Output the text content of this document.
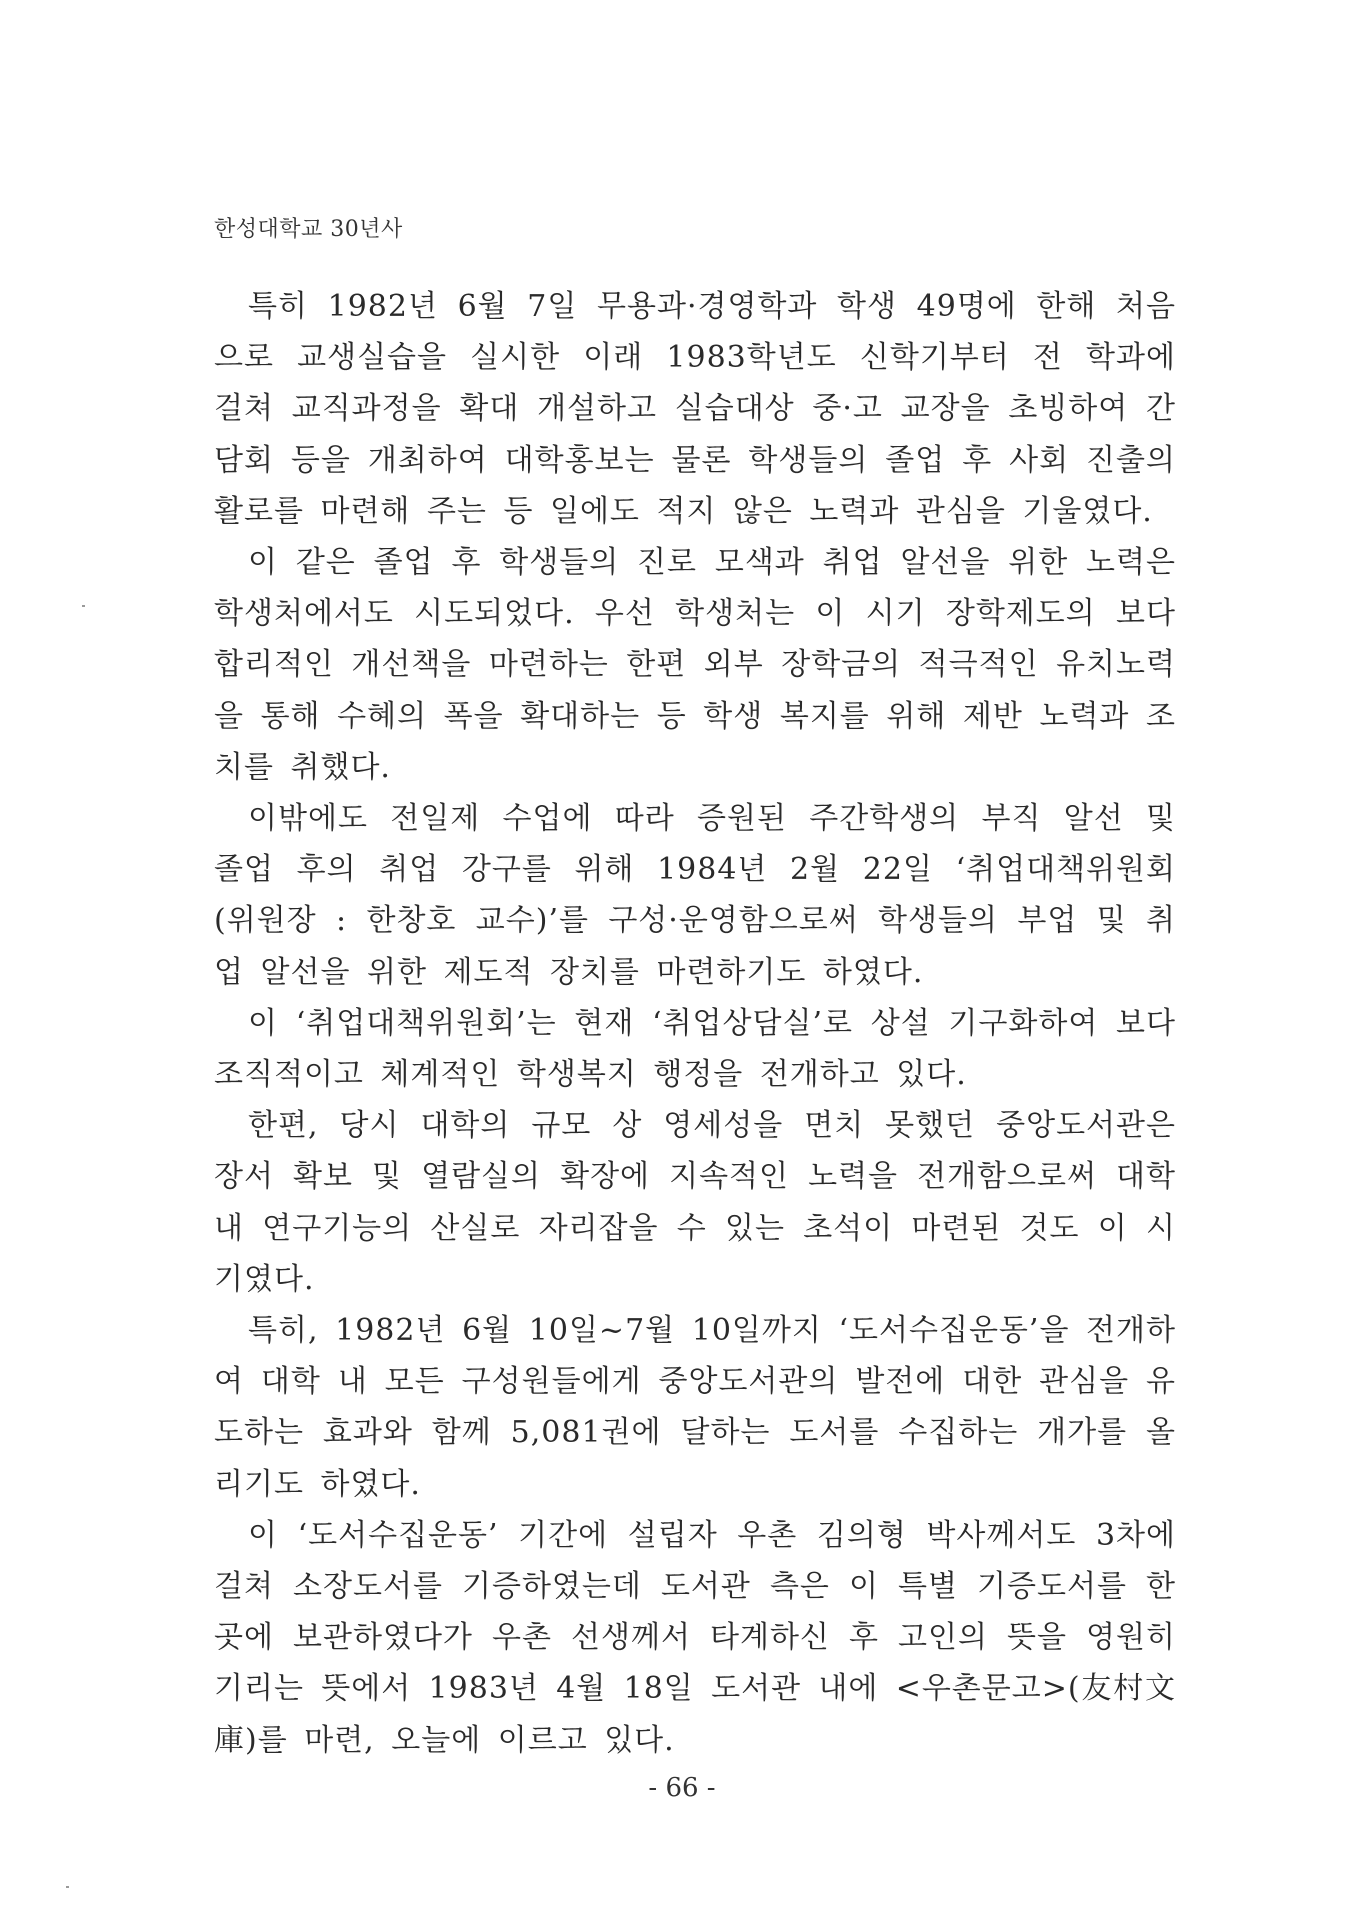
한성대학교 30년사

특히 1982년 6월 7일 무용과·경영학과 학생 49명에 한해 처음으로 교생실습을 실시한 이래 1983학년도 신학기부터 전 학과에 걸쳐 교직과정을 확대 개설하고 실습대상 중·고 교장을 초빙하여 간담회 등을 개최하여 대학홍보는 물론 학생들의 졸업 후 사회 진출의 활로를 마련해 주는 등 일에도 적지 않은 노력과 관심을 기울였다.

이 같은 졸업 후 학생들의 진로 모색과 취업 알선을 위한 노력은 학생처에서도 시도되었다. 우선 학생처는 이 시기 장학제도의 보다 합리적인 개선책을 마련하는 한편 외부 장학금의 적극적인 유치노력을 통해 수혜의 폭을 확대하는 등 학생 복지를 위해 제반 노력과 조치를 취했다.

이밖에도 전일제 수업에 따라 증원된 주간학생의 부직 알선 및 졸업 후의 취업 강구를 위해 1984년 2월 22일 ‘취업대책위원회 (위원장 : 한창호 교수)’를 구성·운영함으로써 학생들의 부업 및 취업 알선을 위한 제도적 장치를 마련하기도 하였다.

이 ‘취업대책위원회’는 현재 ‘취업상담실’로 상설 기구화하여 보다 조직적이고 체계적인 학생복지 행정을 전개하고 있다.

한편, 당시 대학의 규모 상 영세성을 면치 못했던 중앙도서관은 장서 확보 및 열람실의 확장에 지속적인 노력을 전개함으로써 대학 내 연구기능의 산실로 자리잡을 수 있는 초석이 마련된 것도 이 시기였다.

특히, 1982년 6월 10일~7월 10일까지 ‘도서수집운동’을 전개하여 대학 내 모든 구성원들에게 중앙도서관의 발전에 대한 관심을 유도하는 효과와 함께 5,081권에 달하는 도서를 수집하는 개가를 올리기도 하였다.

이 ‘도서수집운동’ 기간에 설립자 우촌 김의형 박사께서도 3차에 걸쳐 소장도서를 기증하였는데 도서관 측은 이 특별 기증도서를 한곳에 보관하였다가 우촌 선생께서 타계하신 후 고인의 뜻을 영원히 기리는 뜻에서 1983년 4월 18일 도서관 내에 <우촌문고>(友村文庫)를 마련, 오늘에 이르고 있다.

- 66 -
